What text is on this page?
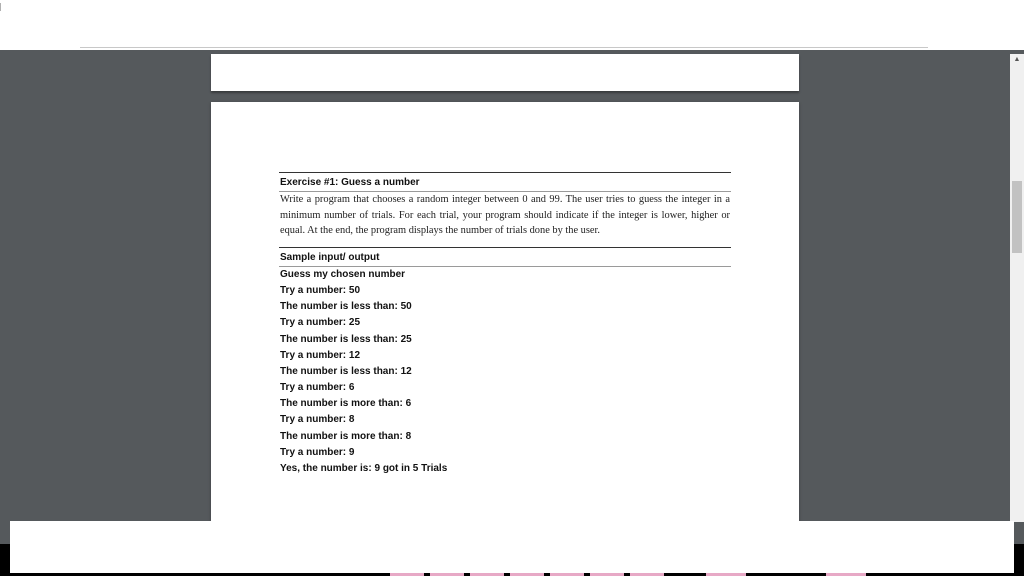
Exercise #1: Guess a number
Write a program that chooses a random integer between 0 and 99. The user tries to guess the integer in a minimum number of trials. For each trial, your program should indicate if the integer is lower, higher or equal. At the end, the program displays the number of trials done by the user.
Sample input/ output
Guess my chosen number
Try a number: 50
The number is less than: 50
Try a number: 25
The number is less than: 25
Try a number: 12
The number is less than: 12
Try a number: 6
The number is more than: 6
Try a number: 8
The number is more than: 8
Try a number: 9
Yes, the number is: 9 got in 5 Trials
▲
